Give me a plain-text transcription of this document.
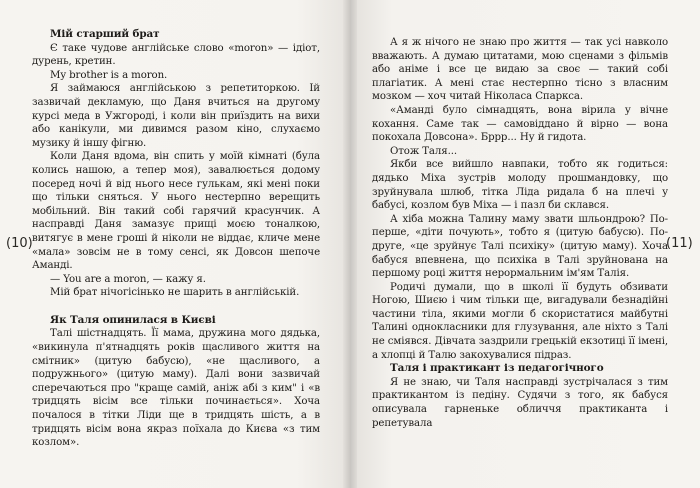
(10)

Мій старший брат

Є таке чудове англійське слово «moron» — ідіот, дурень, кретин.

My brother is a moron.

Я займаюся англійською з репетиторкою. Ій зазвичай декламую, що Даня вчиться на другому курсі меда в Ужгороді, і коли він приїздить на вихи або канікули, ми дивимся разом кіно, слухаємо музику й іншу фігню.

Коли Даня вдома, він спить у моїй кімнаті (була колись нашою, а тепер моя), завалюється додому посеред ночі й від нього несе гулькам, які мені поки що тільки сняться. У нього нестерпно верещить мобільний. Він такий собі гарячий красунчик. А насправді Даня замазує прищі моєю тоналкою, витягує в мене гроші й ніколи не віддає, кличе мене «мала» зовсім не в тому сенсі, як Довсон шепоче Аманді.

— You are a moron, — кажу я.

Мій брат нічогісінько не шарить в англійській.

Як Таля опинилася в Києві

Талі шістнадцять. Її мама, дружина мого дядька, «викинула п'ятнадцять років щасливого життя на смітник» (цитую бабусю), «не щасливого, а подружнього» (цитую маму). Далі вони зазвичай сперечаються про "краще самій, аніж абі з ким" і «в тридцять вісім все тільки починається». Хоча почалося в тітки Ліди ще в тридцять шість, а в тридцять вісім вона якраз поїхала до Києва «з тим козлом».

(11)

А я ж нічого не знаю про життя — так усі навколо вважають. А думаю цитатами, мою сценами з фільмів або аніме і все це видаю за своє — такий собі плагіатик. А мені стає нестерпно тісно з власним мозком — хоч читай Ніколаса Спаркса.

«Аманді було сімнадцять, вона вірила у вічне кохання. Саме так — самовіддано й вірно — вона покохала Довсона». Бррр... Ну й гидота.

Отож Таля...

Якби все вийшло навпаки, тобто як годиться: дядько Міха зустрів молоду прошмандовку, що зруйнувала шлюб, тітка Ліда ридала б на плечі у бабусі, козлом був Міха — і пазл би склався.

А хіба можна Талину маму звати шльондрою? По-перше, «діти почують», тобто я (цитую бабусю). По-друге, «це зруйнує Талі психіку» (цитую маму). Хоча бабуся впевнена, що психіка в Талі зруйнована на першому році життя нерормальним ім'ям Талія.

Родичі думали, що в школі її будуть обзивати Ногою, Шиєю і чим тільки ще, вигадували безнадійні частини тіла, якими могли б скористатися майбутні Талині однокласники для глузування, але ніхто з Талі не сміявся. Дівчата заздрили грецькій екзотиці її імені, а хлопці й Талю закохувалися підраз.

Таля і практикант із педагогічного

Я не знаю, чи Таля насправді зустрічалася з тим практикантом із педіну. Судячи з того, як бабуся описувала гарненьке обличчя практиканта і репетувала
